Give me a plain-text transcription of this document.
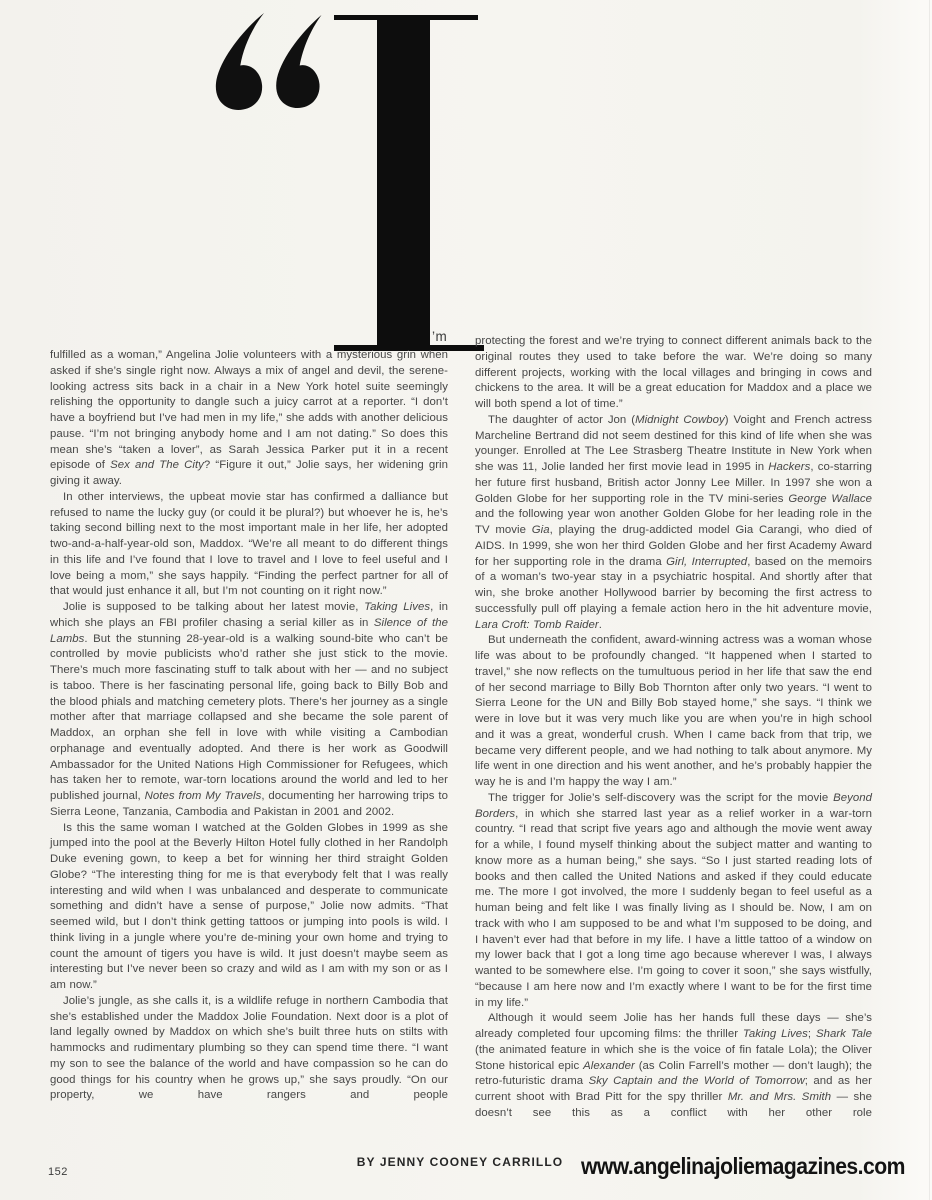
’m

fulfilled as a woman,” Angelina Jolie volunteers with a mysterious grin when asked if she’s single right now. Always a mix of angel and devil, the serene-looking actress sits back in a chair in a New York hotel suite seemingly relishing the opportunity to dangle such a juicy carrot at a reporter. “I don’t have a boyfriend but I’ve had men in my life,” she adds with another delicious pause. “I’m not bringing anybody home and I am not dating.” So does this mean she’s “taken a lover”, as Sarah Jessica Parker put it in a recent episode of Sex and The City? “Figure it out,” Jolie says, her widening grin giving it away.

In other interviews, the upbeat movie star has confirmed a dalliance but refused to name the lucky guy (or could it be plural?) but whoever he is, he’s taking second billing next to the most important male in her life, her adopted two-and-a-half-year-old son, Maddox. “We’re all meant to do different things in this life and I’ve found that I love to travel and I love to feel useful and I love being a mom,” she says happily. “Finding the perfect partner for all of that would just enhance it all, but I’m not counting on it right now.”

Jolie is supposed to be talking about her latest movie, Taking Lives, in which she plays an FBI profiler chasing a serial killer as in Silence of the Lambs. But the stunning 28-year-old is a walking sound-bite who can’t be controlled by movie publicists who’d rather she just stick to the movie. There’s much more fascinating stuff to talk about with her — and no subject is taboo. There is her fascinating personal life, going back to Billy Bob and the blood phials and matching cemetery plots. There’s her journey as a single mother after that marriage collapsed and she became the sole parent of Maddox, an orphan she fell in love with while visiting a Cambodian orphanage and eventually adopted. And there is her work as Goodwill Ambassador for the United Nations High Commissioner for Refugees, which has taken her to remote, war-torn locations around the world and led to her published journal, Notes from My Travels, documenting her harrowing trips to Sierra Leone, Tanzania, Cambodia and Pakistan in 2001 and 2002.

Is this the same woman I watched at the Golden Globes in 1999 as she jumped into the pool at the Beverly Hilton Hotel fully clothed in her Randolph Duke evening gown, to keep a bet for winning her third straight Golden Globe? “The interesting thing for me is that everybody felt that I was really interesting and wild when I was unbalanced and desperate to communicate something and didn’t have a sense of purpose,” Jolie now admits. “That seemed wild, but I don’t think getting tattoos or jumping into pools is wild. I think living in a jungle where you’re de-mining your own home and trying to count the amount of tigers you have is wild. It just doesn’t maybe seem as interesting but I’ve never been so crazy and wild as I am with my son or as I am now.”

Jolie’s jungle, as she calls it, is a wildlife refuge in northern Cambodia that she’s established under the Maddox Jolie Foundation. Next door is a plot of land legally owned by Maddox on which she’s built three huts on stilts with hammocks and rudimentary plumbing so they can spend time there. “I want my son to see the balance of the world and have compassion so he can do good things for his country when he grows up,” she says proudly. “On our property, we have rangers and people

protecting the forest and we’re trying to connect different animals back to the original routes they used to take before the war. We’re doing so many different projects, working with the local villages and bringing in cows and chickens to the area. It will be a great education for Maddox and a place we will both spend a lot of time.”

The daughter of actor Jon (Midnight Cowboy) Voight and French actress Marcheline Bertrand did not seem destined for this kind of life when she was younger. Enrolled at The Lee Strasberg Theatre Institute in New York when she was 11, Jolie landed her first movie lead in 1995 in Hackers, co-starring her future first husband, British actor Jonny Lee Miller. In 1997 she won a Golden Globe for her supporting role in the TV mini-series George Wallace and the following year won another Golden Globe for her leading role in the TV movie Gia, playing the drug-addicted model Gia Carangi, who died of AIDS. In 1999, she won her third Golden Globe and her first Academy Award for her supporting role in the drama Girl, Interrupted, based on the memoirs of a woman’s two-year stay in a psychiatric hospital. And shortly after that win, she broke another Hollywood barrier by becoming the first actress to successfully pull off playing a female action hero in the hit adventure movie, Lara Croft: Tomb Raider.

But underneath the confident, award-winning actress was a woman whose life was about to be profoundly changed. “It happened when I started to travel,” she now reflects on the tumultuous period in her life that saw the end of her second marriage to Billy Bob Thornton after only two years. “I went to Sierra Leone for the UN and Billy Bob stayed home,” she says. “I think we were in love but it was very much like you are when you’re in high school and it was a great, wonderful crush. When I came back from that trip, we became very different people, and we had nothing to talk about anymore. My life went in one direction and his went another, and he’s probably happier the way he is and I’m happy the way I am.”

The trigger for Jolie’s self-discovery was the script for the movie Beyond Borders, in which she starred last year as a relief worker in a war-torn country. “I read that script five years ago and although the movie went away for a while, I found myself thinking about the subject matter and wanting to know more as a human being,” she says. “So I just started reading lots of books and then called the United Nations and asked if they could educate me. The more I got involved, the more I suddenly began to feel useful as a human being and felt like I was finally living as I should be. Now, I am on track with who I am supposed to be and what I’m supposed to be doing, and I haven’t ever had that before in my life. I have a little tattoo of a window on my lower back that I got a long time ago because wherever I was, I always wanted to be somewhere else. I’m going to cover it soon,” she says wistfully, “because I am here now and I’m exactly where I want to be for the first time in my life.”

Although it would seem Jolie has her hands full these days — she’s already completed four upcoming films: the thriller Taking Lives; Shark Tale (the animated feature in which she is the voice of fin fatale Lola); the Oliver Stone historical epic Alexander (as Colin Farrell’s mother — don’t laugh); the retro-futuristic drama Sky Captain and the World of Tomorrow; and as her current shoot with Brad Pitt for the spy thriller Mr. and Mrs. Smith — she doesn’t see this as a conflict with her other role

152
BY JENNY COONEY CARRILLO www.angelinajoliemagazines.com
